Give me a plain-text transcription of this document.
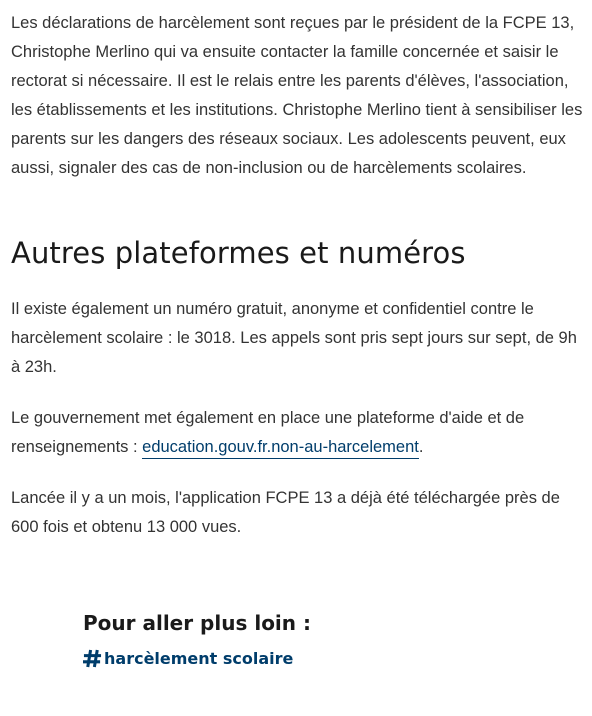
Les déclarations de harcèlement sont reçues par le président de la FCPE 13, Christophe Merlino qui va ensuite contacter la famille concernée et saisir le rectorat si nécessaire. Il est le relais entre les parents d'élèves, l'association, les établissements et les institutions. Christophe Merlino tient à sensibiliser les parents sur les dangers des réseaux sociaux. Les adolescents peuvent, eux aussi, signaler des cas de non-inclusion ou de harcèlements scolaires.

Autres plateformes et numéros

Il existe également un numéro gratuit, anonyme et confidentiel contre le harcèlement scolaire : le 3018. Les appels sont pris sept jours sur sept, de 9h à 23h.

Le gouvernement met également en place une plateforme d'aide et de renseignements : education.gouv.fr.non-au-harcelement.

Lancée il y a un mois, l'application FCPE 13 a déjà été téléchargée près de 600 fois et obtenu 13 000 vues.

Pour aller plus loin :

harcèlement scolaire
